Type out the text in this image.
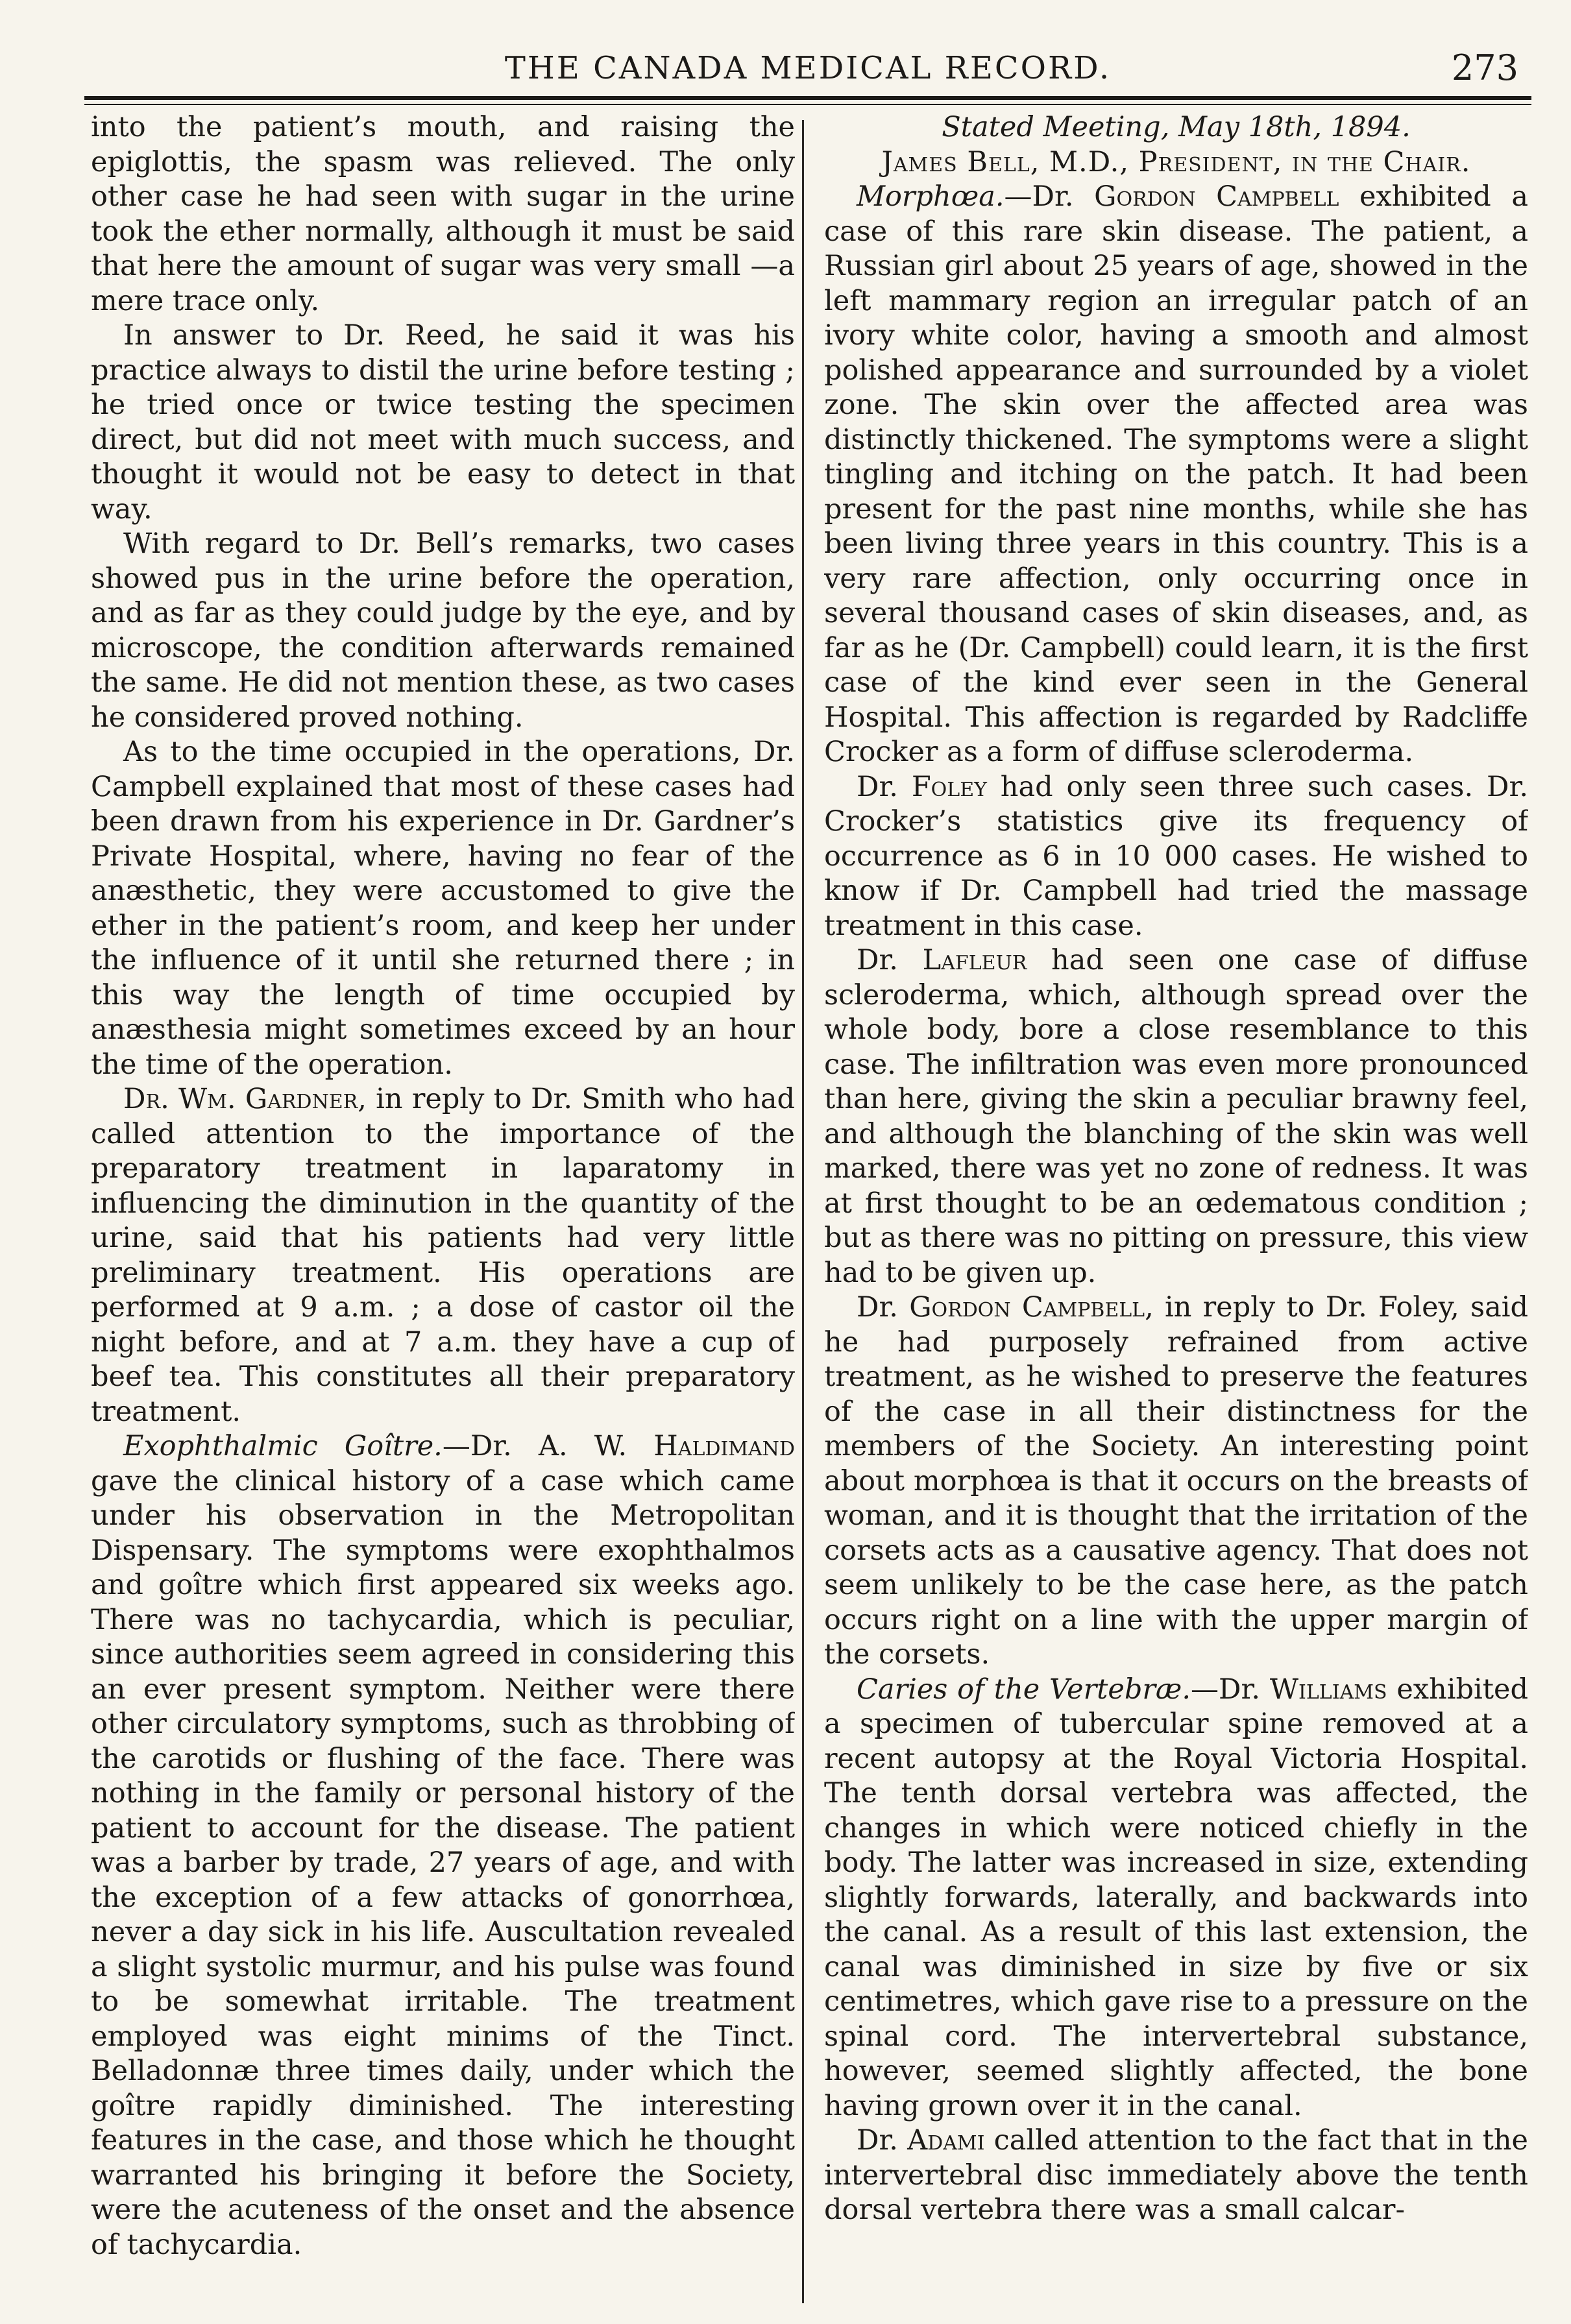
THE CANADA MEDICAL RECORD.	273

into the patient’s mouth, and raising the epiglottis, the spasm was relieved. The only other case he had seen with sugar in the urine took the ether normally, although it must be said that here the amount of sugar was very small —a mere trace only.

In answer to Dr. Reed, he said it was his practice always to distil the urine before testing ; he tried once or twice testing the specimen direct, but did not meet with much success, and thought it would not be easy to detect in that way.

With regard to Dr. Bell’s remarks, two cases showed pus in the urine before the operation, and as far as they could judge by the eye, and by microscope, the condition afterwards remained the same. He did not mention these, as two cases he considered proved nothing.

As to the time occupied in the operations, Dr. Campbell explained that most of these cases had been drawn from his experience in Dr. Gardner’s Private Hospital, where, having no fear of the anæsthetic, they were accustomed to give the ether in the patient’s room, and keep her under the influence of it until she returned there ; in this way the length of time occupied by anæsthesia might sometimes exceed by an hour the time of the operation.

Dr. Wm. Gardner, in reply to Dr. Smith who had called attention to the importance of the preparatory treatment in laparatomy in influencing the diminution in the quantity of the urine, said that his patients had very little preliminary treatment. His operations are performed at 9 a.m. ; a dose of castor oil the night before, and at 7 a.m. they have a cup of beef tea. This constitutes all their preparatory treatment.

Exophthalmic Goître.—Dr. A. W. Haldimand gave the clinical history of a case which came under his observation in the Metropolitan Dispensary. The symptoms were exophthalmos and goître which first appeared six weeks ago. There was no tachycardia, which is peculiar, since authorities seem agreed in considering this an ever present symptom. Neither were there other circulatory symptoms, such as throbbing of the carotids or flushing of the face. There was nothing in the family or personal history of the patient to account for the disease. The patient was a barber by trade, 27 years of age, and with the exception of a few attacks of gonorrhœa, never a day sick in his life. Auscultation revealed a slight systolic murmur, and his pulse was found to be somewhat irritable. The treatment employed was eight minims of the Tinct. Belladonnæ three times daily, under which the goître rapidly diminished. The interesting features in the case, and those which he thought warranted his bringing it before the Society, were the acuteness of the onset and the absence of tachycardia.

Stated Meeting, May 18th, 1894.

James Bell, M.D., President, in the Chair.

Morphœa.—Dr. Gordon Campbell exhibited a case of this rare skin disease. The patient, a Russian girl about 25 years of age, showed in the left mammary region an irregular patch of an ivory white color, having a smooth and almost polished appearance and surrounded by a violet zone. The skin over the affected area was distinctly thickened. The symptoms were a slight tingling and itching on the patch. It had been present for the past nine months, while she has been living three years in this country. This is a very rare affection, only occurring once in several thousand cases of skin diseases, and, as far as he (Dr. Campbell) could learn, it is the first case of the kind ever seen in the General Hospital. This affection is regarded by Radcliffe Crocker as a form of diffuse scleroderma.

Dr. Foley had only seen three such cases. Dr. Crocker’s statistics give its frequency of occurrence as 6 in 10 000 cases. He wished to know if Dr. Campbell had tried the massage treatment in this case.

Dr. Lafleur had seen one case of diffuse scleroderma, which, although spread over the whole body, bore a close resemblance to this case. The infiltration was even more pronounced than here, giving the skin a peculiar brawny feel, and although the blanching of the skin was well marked, there was yet no zone of redness. It was at first thought to be an œdematous condition ; but as there was no pitting on pressure, this view had to be given up.

Dr. Gordon Campbell, in reply to Dr. Foley, said he had purposely refrained from active treatment, as he wished to preserve the features of the case in all their distinctness for the members of the Society. An interesting point about morphœa is that it occurs on the breasts of woman, and it is thought that the irritation of the corsets acts as a causative agency. That does not seem unlikely to be the case here, as the patch occurs right on a line with the upper margin of the corsets.

Caries of the Vertebræ.—Dr. Williams exhibited a specimen of tubercular spine removed at a recent autopsy at the Royal Victoria Hospital. The tenth dorsal vertebra was affected, the changes in which were noticed chiefly in the body. The latter was increased in size, extending slightly forwards, laterally, and backwards into the canal. As a result of this last extension, the canal was diminished in size by five or six centimetres, which gave rise to a pressure on the spinal cord. The intervertebral substance, however, seemed slightly affected, the bone having grown over it in the canal.

Dr. Adami called attention to the fact that in the intervertebral disc immediately above the tenth dorsal vertebra there was a small calcar-
